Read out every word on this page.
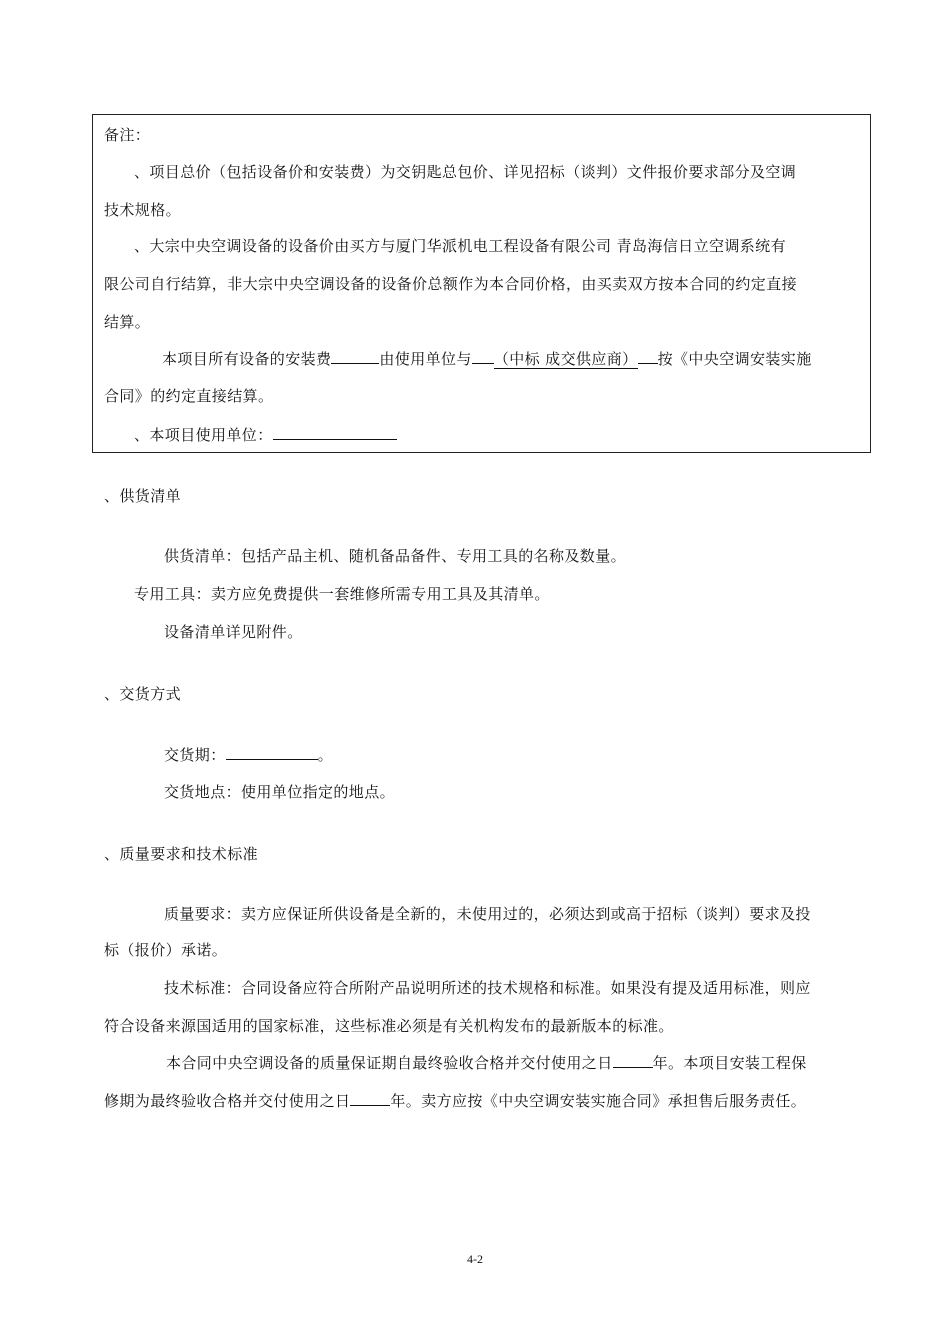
备注：
、项目总价（包括设备价和安装费）为交钥匙总包价、详见招标（谈判）文件报价要求部分及空调
技术规格。
、大宗中央空调设备的设备价由买方与厦门华派机电工程设备有限公司 青岛海信日立空调系统有
限公司自行结算，非大宗中央空调设备的设备价总额作为本合同价格，由买卖双方按本合同的约定直接
结算。
本项目所有设备的安装费	由使用单位与 （中标 成交供应商） 按《中央空调安装实施
合同》的约定直接结算。
、本项目使用单位：
、供货清单
供货清单：包括产品主机、随机备品备件、专用工具的名称及数量。
专用工具：卖方应免费提供一套维修所需专用工具及其清单。
设备清单详见附件。
、交货方式
交货期：	。
交货地点：使用单位指定的地点。
、质量要求和技术标准
质量要求：卖方应保证所供设备是全新的，未使用过的，必须达到或高于招标（谈判）要求及投
标（报价）承诺。
技术标准：合同设备应符合所附产品说明所述的技术规格和标准。如果没有提及适用标准，则应
符合设备来源国适用的国家标准，这些标准必须是有关机构发布的最新版本的标准。
本合同中央空调设备的质量保证期自最终验收合格并交付使用之日	年。本项目安装工程保
修期为最终验收合格并交付使用之日	年。卖方应按《中央空调安装实施合同》承担售后服务责任。
4-2
